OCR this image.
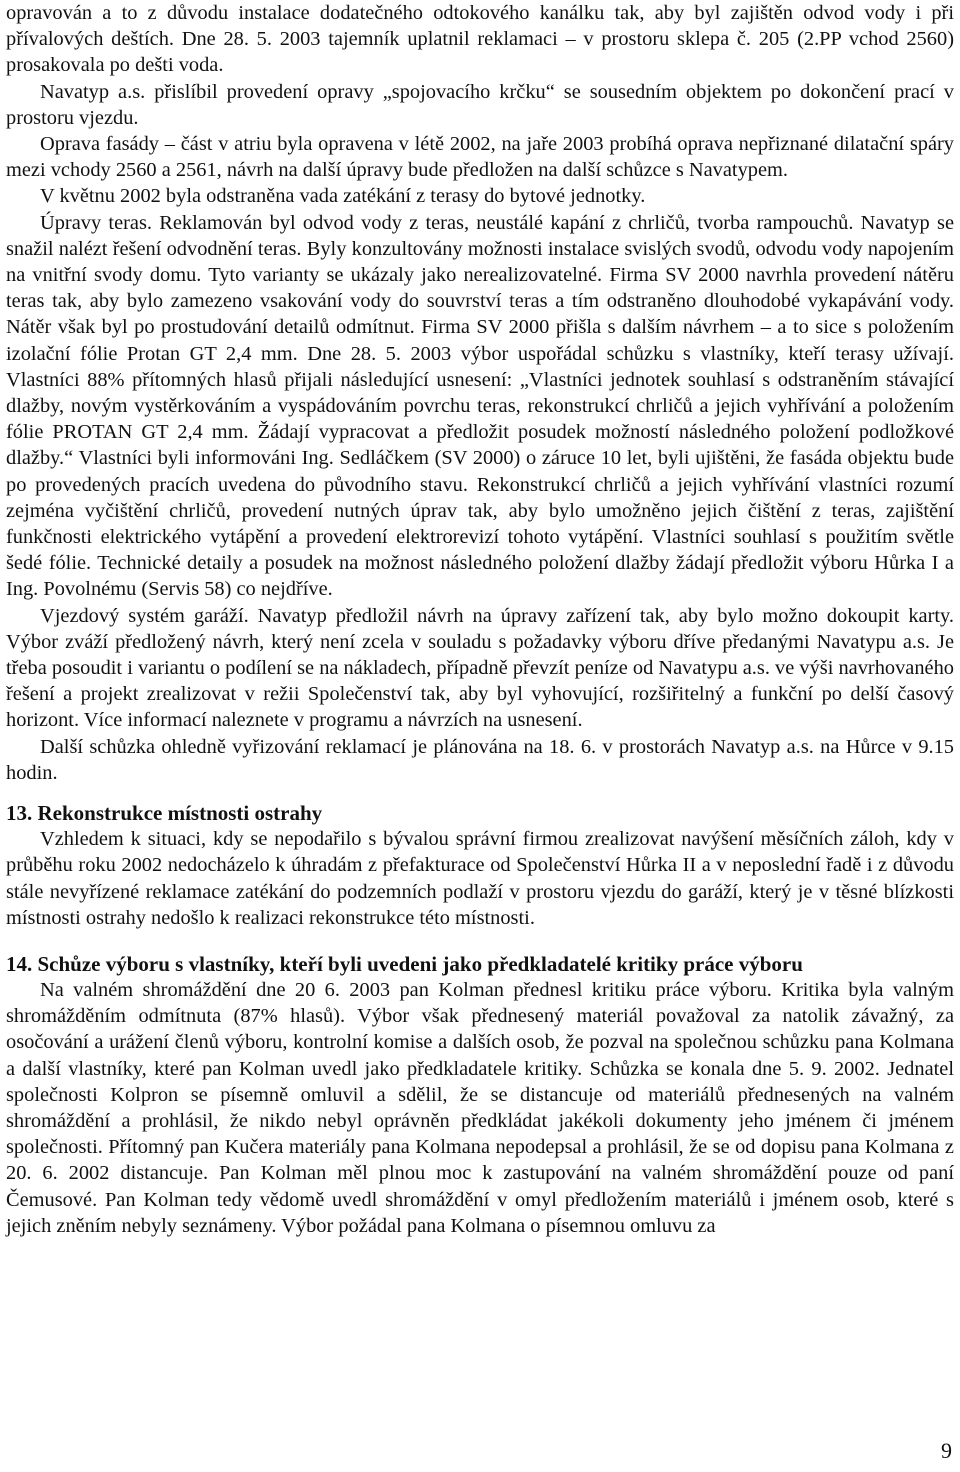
opravován a to z důvodu instalace dodatečného odtokového kanálku tak, aby byl zajištěn odvod vody i při přívalových deštích. Dne 28. 5. 2003 tajemník uplatnil reklamaci – v prostoru sklepa č. 205 (2.PP vchod 2560) prosakovala po dešti voda.

Navatyp a.s. přislíbil provedení opravy „spojovacího krčku“ se sousedním objektem po dokončení prací v prostoru vjezdu.

Oprava fasády – část v atriu byla opravena v létě 2002, na jaře 2003 probíhá oprava nepřiznané dilatační spáry mezi vchody 2560 a 2561, návrh na další úpravy bude předložen na další schůzce s Navatypem.

V květnu 2002 byla odstraněna vada zatékání z terasy do bytové jednotky.

Úpravy teras. Reklamován byl odvod vody z teras, neustálé kapání z chrličů, tvorba rampouchů. Navatyp se snažil nalézt řešení odvodnění teras. Byly konzultovány možnosti instalace svislých svodů, odvodu vody napojením na vnitřní svody domu. Tyto varianty se ukázaly jako nerealizovatelné. Firma SV 2000 navrhla provedení nátěru teras tak, aby bylo zamezeno vsakování vody do souvrství teras a tím odstraněno dlouhodobé vykapávání vody. Nátěr však byl po prostudování detailů odmítnut. Firma SV 2000 přišla s dalším návrhem – a to sice s položením izolační fólie Protan GT 2,4 mm. Dne 28. 5. 2003 výbor uspořádal schůzku s vlastníky, kteří terasy užívají. Vlastníci 88% přítomných hlasů přijali následující usnesení: „Vlastníci jednotek souhlasí s odstraněním stávající dlažby, novým vystěrkováním a vyspádováním povrchu teras, rekonstrukcí chrličů a jejich vyhřívání a položením fólie PROTAN GT 2,4 mm. Žádají vypracovat a předložit posudek možností následného položení podložkové dlažby.“ Vlastníci byli informováni Ing. Sedláčkem (SV 2000) o záruce 10 let, byli ujištěni, že fasáda objektu bude po provedených pracích uvedena do původního stavu. Rekonstrukcí chrličů a jejich vyhřívání vlastníci rozumí zejména vyčištění chrličů, provedení nutných úprav tak, aby bylo umožněno jejich čištění z teras, zajištění funkčnosti elektrického vytápění a provedení elektrorevizí tohoto vytápění. Vlastníci souhlasí s použitím světle šedé fólie. Technické detaily a posudek na možnost následného položení dlažby žádají předložit výboru Hůrka I a Ing. Povolnému (Servis 58) co nejdříve.

Vjezdový systém garáží. Navatyp předložil návrh na úpravy zařízení tak, aby bylo možno dokoupit karty. Výbor zváží předložený návrh, který není zcela v souladu s požadavky výboru dříve předanými Navatypu a.s. Je třeba posoudit i variantu o podílení se na nákladech, případně převzít peníze od Navatypu a.s. ve výši navrhovaného řešení a projekt zrealizovat v režii Společenství tak, aby byl vyhovující, rozšiřitelný a funkční po delší časový horizont. Více informací naleznete v programu a návrzích na usnesení.

Další schůzka ohledně vyřizování reklamací je plánována na 18. 6. v prostorách Navatyp a.s. na Hůrce v 9.15 hodin.

13. Rekonstrukce místnosti ostrahy

Vzhledem k situaci, kdy se nepodařilo s bývalou správní firmou zrealizovat navýšení měsíčních záloh, kdy v průběhu roku 2002 nedocházelo k úhradám z přefakturace od Společenství Hůrka II a v neposlední řadě i z důvodu stále nevyřízené reklamace zatékání do podzemních podlaží v prostoru vjezdu do garáží, který je v těsné blízkosti místnosti ostrahy nedošlo k realizaci rekonstrukce této místnosti.

14. Schůze výboru s vlastníky, kteří byli uvedeni jako předkladatelé kritiky práce výboru

Na valném shromáždění dne 20 6. 2003 pan Kolman přednesl kritiku práce výboru. Kritika byla valným shromážděním odmítnuta (87% hlasů). Výbor však přednesený materiál považoval za natolik závažný, za osočování a urážení členů výboru, kontrolní komise a dalších osob, že pozval na společnou schůzku pana Kolmana a další vlastníky, které pan Kolman uvedl jako předkladatele kritiky. Schůzka se konala dne 5. 9. 2002. Jednatel společnosti Kolpron se písemně omluvil a sdělil, že se distancuje od materiálů přednesených na valném shromáždění a prohlásil, že nikdo nebyl oprávněn předkládat jakékoli dokumenty jeho jménem či jménem společnosti. Přítomný pan Kučera materiály pana Kolmana nepodepsal a prohlásil, že se od dopisu pana Kolmana z 20. 6. 2002 distancuje. Pan Kolman měl plnou moc k zastupování na valném shromáždění pouze od paní Čemusové. Pan Kolman tedy vědomě uvedl shromáždění v omyl předložením materiálů i jménem osob, které s jejich zněním nebyly seznámeny. Výbor požádal pana Kolmana o písemnou omluvu za

9
